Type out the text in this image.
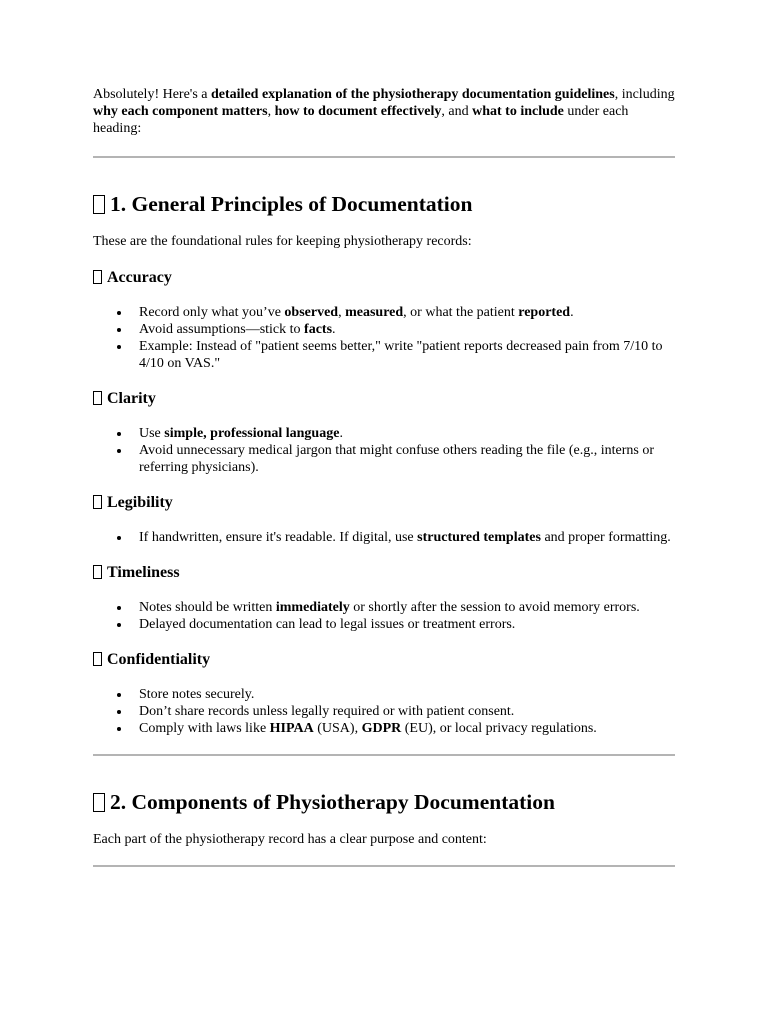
Absolutely! Here's a detailed explanation of the physiotherapy documentation guidelines, including why each component matters, how to document effectively, and what to include under each heading:

1. General Principles of Documentation

These are the foundational rules for keeping physiotherapy records:

Accuracy
Record only what you’ve observed, measured, or what the patient reported.
Avoid assumptions—stick to facts.
Example: Instead of "patient seems better," write "patient reports decreased pain from 7/10 to 4/10 on VAS."
Clarity
Use simple, professional language.
Avoid unnecessary medical jargon that might confuse others reading the file (e.g., interns or referring physicians).
Legibility
If handwritten, ensure it's readable. If digital, use structured templates and proper formatting.
Timeliness
Notes should be written immediately or shortly after the session to avoid memory errors.
Delayed documentation can lead to legal issues or treatment errors.
Confidentiality
Store notes securely.
Don’t share records unless legally required or with patient consent.
Comply with laws like HIPAA (USA), GDPR (EU), or local privacy regulations.
2. Components of Physiotherapy Documentation

Each part of the physiotherapy record has a clear purpose and content:
